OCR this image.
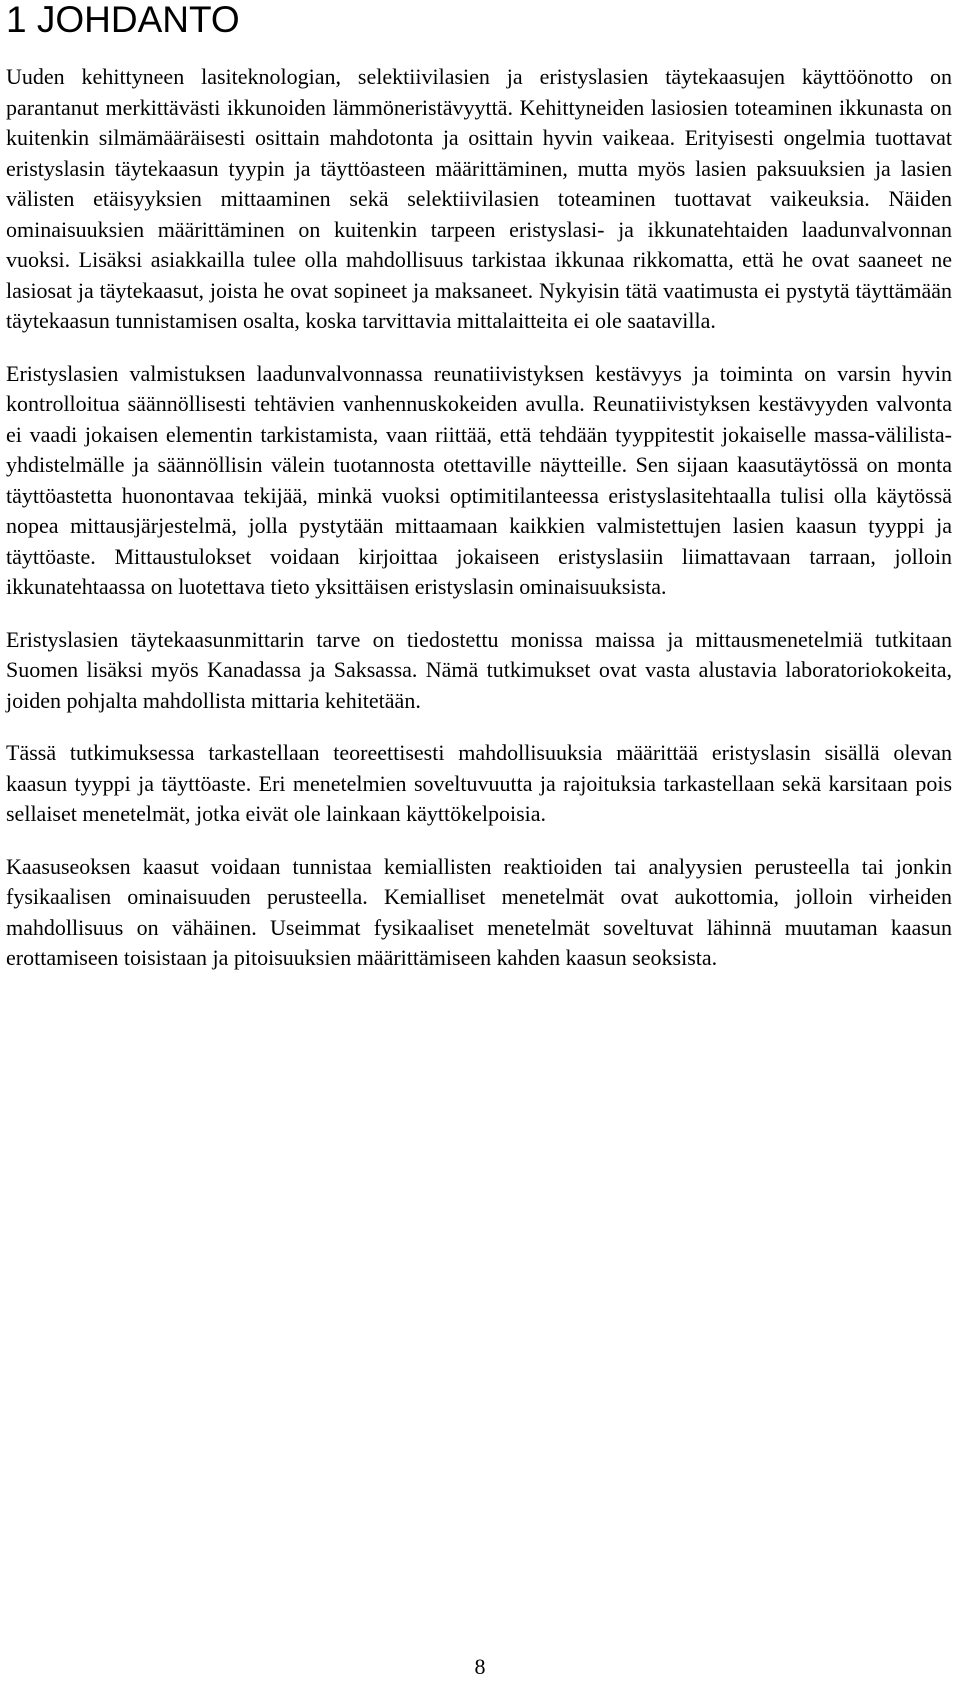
1 JOHDANTO

Uuden kehittyneen lasiteknologian, selektiivilasien ja eristyslasien täytekaasujen käyttöönotto on parantanut merkittävästi ikkunoiden lämmöneristävyyttä. Kehittyneiden lasiosien toteaminen ikkunasta on kuitenkin silmämääräisesti osittain mahdotonta ja osittain hyvin vaikeaa. Erityisesti ongelmia tuottavat eristyslasin täytekaasun tyypin ja täyttöasteen määrittäminen, mutta myös lasien paksuuksien ja lasien välisten etäisyyksien mittaaminen sekä selektiivilasien toteaminen tuottavat vaikeuksia. Näiden ominaisuuksien määrittäminen on kuitenkin tarpeen eristyslasi- ja ikkunatehtaiden laadunvalvonnan vuoksi. Lisäksi asiakkailla tulee olla mahdollisuus tarkistaa ikkunaa rikkomatta, että he ovat saaneet ne lasiosat ja täytekaasut, joista he ovat sopineet ja maksaneet. Nykyisin tätä vaatimusta ei pystytä täyttämään täytekaasun tunnistamisen osalta, koska tarvittavia mittalaitteita ei ole saatavilla.

Eristyslasien valmistuksen laadunvalvonnassa reunatiivistyksen kestävyys ja toiminta on varsin hyvin kontrolloitua säännöllisesti tehtävien vanhennuskokeiden avulla. Reunatiivistyksen kestävyyden valvonta ei vaadi jokaisen elementin tarkistamista, vaan riittää, että tehdään tyyppitestit jokaiselle massa-välilista-yhdistelmälle ja säännöllisin välein tuotannosta otettaville näytteille. Sen sijaan kaasutäytössä on monta täyttöastetta huonontavaa tekijää, minkä vuoksi optimitilanteessa eristyslasitehtaalla tulisi olla käytössä nopea mittausjärjestelmä, jolla pystytään mittaamaan kaikkien valmistettujen lasien kaasun tyyppi ja täyttöaste. Mittaustulokset voidaan kirjoittaa jokaiseen eristyslasiin liimattavaan tarraan, jolloin ikkunatehtaassa on luotettava tieto yksittäisen eristyslasin ominaisuuksista.

Eristyslasien täytekaasunmittarin tarve on tiedostettu monissa maissa ja mittausmenetelmiä tutkitaan Suomen lisäksi myös Kanadassa ja Saksassa. Nämä tutkimukset ovat vasta alustavia laboratoriokokeita, joiden pohjalta mahdollista mittaria kehitetään.

Tässä tutkimuksessa tarkastellaan teoreettisesti mahdollisuuksia määrittää eristyslasin sisällä olevan kaasun tyyppi ja täyttöaste. Eri menetelmien soveltuvuutta ja rajoituksia tarkastellaan sekä karsitaan pois sellaiset menetelmät, jotka eivät ole lainkaan käyttökelpoisia.

Kaasuseoksen kaasut voidaan tunnistaa kemiallisten reaktioiden tai analyysien perusteella tai jonkin fysikaalisen ominaisuuden perusteella. Kemialliset menetelmät ovat aukottomia, jolloin virheiden mahdollisuus on vähäinen. Useimmat fysikaaliset menetelmät soveltuvat lähinnä muutaman kaasun erottamiseen toisistaan ja pitoisuuksien määrittämiseen kahden kaasun seoksista.

8
